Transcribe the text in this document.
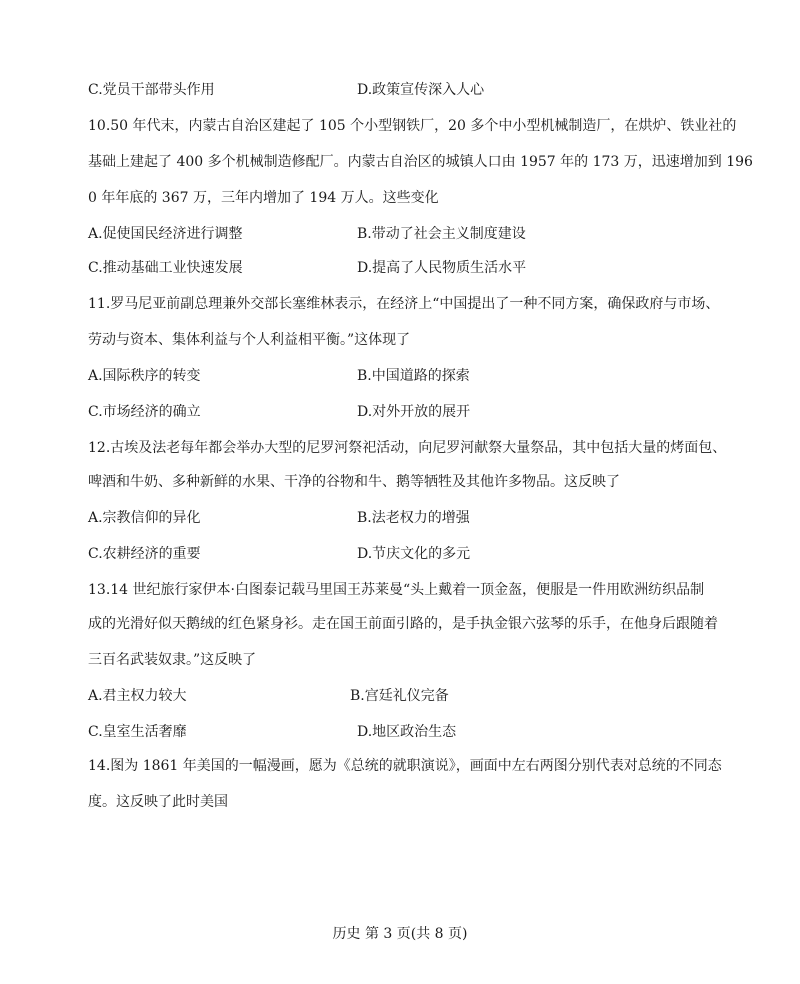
C.党员干部带头作用	D.政策宣传深入人心
10.50 年代末，内蒙古自治区建起了 105 个小型钢铁厂，20 多个中小型机械制造厂，在烘炉、铁业社的
基础上建起了 400 多个机械制造修配厂。内蒙古自治区的城镇人口由 1957 年的 173 万，迅速增加到 196
0 年年底的 367 万，三年内增加了 194 万人。这些变化
A.促使国民经济进行调整	B.带动了社会主义制度建设
C.推动基础工业快速发展	D.提高了人民物质生活水平
11.罗马尼亚前副总理兼外交部长塞维林表示，在经济上“中国提出了一种不同方案，确保政府与市场、
劳动与资本、集体利益与个人利益相平衡。”这体现了
A.国际秩序的转变	B.中国道路的探索
C.市场经济的确立	D.对外开放的展开
12.古埃及法老每年都会举办大型的尼罗河祭祀活动，向尼罗河献祭大量祭品，其中包括大量的烤面包、
啤酒和牛奶、多种新鲜的水果、干净的谷物和牛、鹅等牺牲及其他许多物品。这反映了
A.宗教信仰的异化	B.法老权力的增强
C.农耕经济的重要	D.节庆文化的多元
13.14 世纪旅行家伊本·白图泰记载马里国王苏莱曼“头上戴着一顶金盔，便服是一件用欧洲纺织品制
成的光滑好似天鹅绒的红色紧身衫。走在国王前面引路的，是手执金银六弦琴的乐手，在他身后跟随着
三百名武装奴隶。”这反映了
A.君主权力较大	B.宫廷礼仪完备
C.皇室生活奢靡	D.地区政治生态
14.图为 1861 年美国的一幅漫画，愿为《总统的就职演说》，画面中左右两图分别代表对总统的不同态
度。这反映了此时美国
历史 第 3 页(共 8 页)
